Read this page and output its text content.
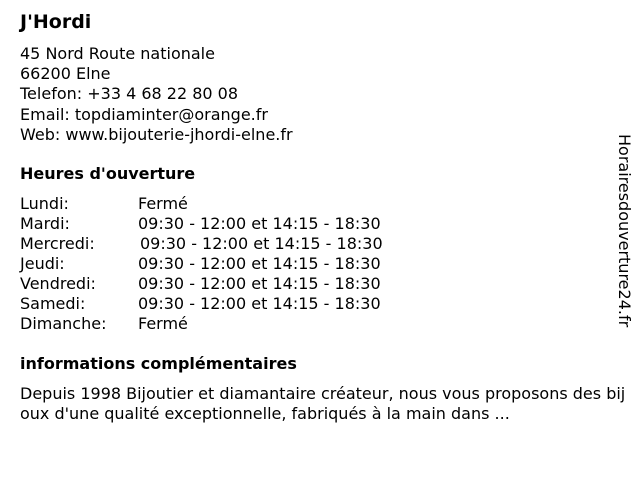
J'Hordi
45 Nord Route nationale
66200 Elne
Telefon: +33 4 68 22 80 08
Email: topdiaminter@orange.fr
Web: www.bijouterie-jhordi-elne.fr
Heures d'ouverture
Lundi:	Fermé
Mardi:	09:30 - 12:00 et 14:15 - 18:30
Mercredi:	09:30 - 12:00 et 14:15 - 18:30
Jeudi:	09:30 - 12:00 et 14:15 - 18:30
Vendredi:	09:30 - 12:00 et 14:15 - 18:30
Samedi:	09:30 - 12:00 et 14:15 - 18:30
Dimanche: Fermé
informations complémentaires
Depuis 1998 Bijoutier et diamantaire créateur, nous vous proposons des bijoux d'une qualité exceptionnelle, fabriqués à la main dans ...
Horairesdouverture24.fr
